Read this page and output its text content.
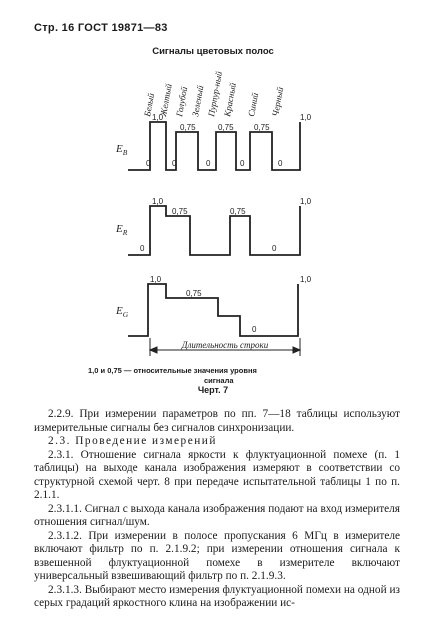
Стр. 16 ГОСТ 19871—83
Сигналы цветовых полос
Белый Желтый Голубой Зеленый Пурпур-ный
Красный Синий Черный
1,0
0,75	0,75	0,75
1,0
0	0	0	0	0
1,0
0,75	0,75
1,0
0	0
1,0
0,75
0
1,0
$E_B$
$E_R$
$E_G$
Длительность строки
1,0 и 0,75 — относительные значения уровня
сигнала
Черт. 7

2.2.9. При измерении параметров по пп. 7—18 таблицы используют измерительные сигналы без сигналов синхронизации.

2.3. Проведение измерений

2.3.1. Отношение сигнала яркости к флуктуационной помехе (п. 1 таблицы) на выходе канала изображения измеряют в соответствии со структурной схемой черт. 8 при передаче испытательной таблицы 1 по п. 2.1.1.

2.3.1.1. Сигнал с выхода канала изображения подают на вход измерителя отношения сигнал/шум.

2.3.1.2. При измерении в полосе пропускания 6 МГц в измерителе включают фильтр по п. 2.1.9.2; при измерении отношения сигнала к взвешенной флуктуационной помехе в измерителе включают универсальный взвешивающий фильтр по п. 2.1.9.3.

2.3.1.3. Выбирают место измерения флуктуационной помехи на одной из серых градаций яркостного клина на изображении ис-
